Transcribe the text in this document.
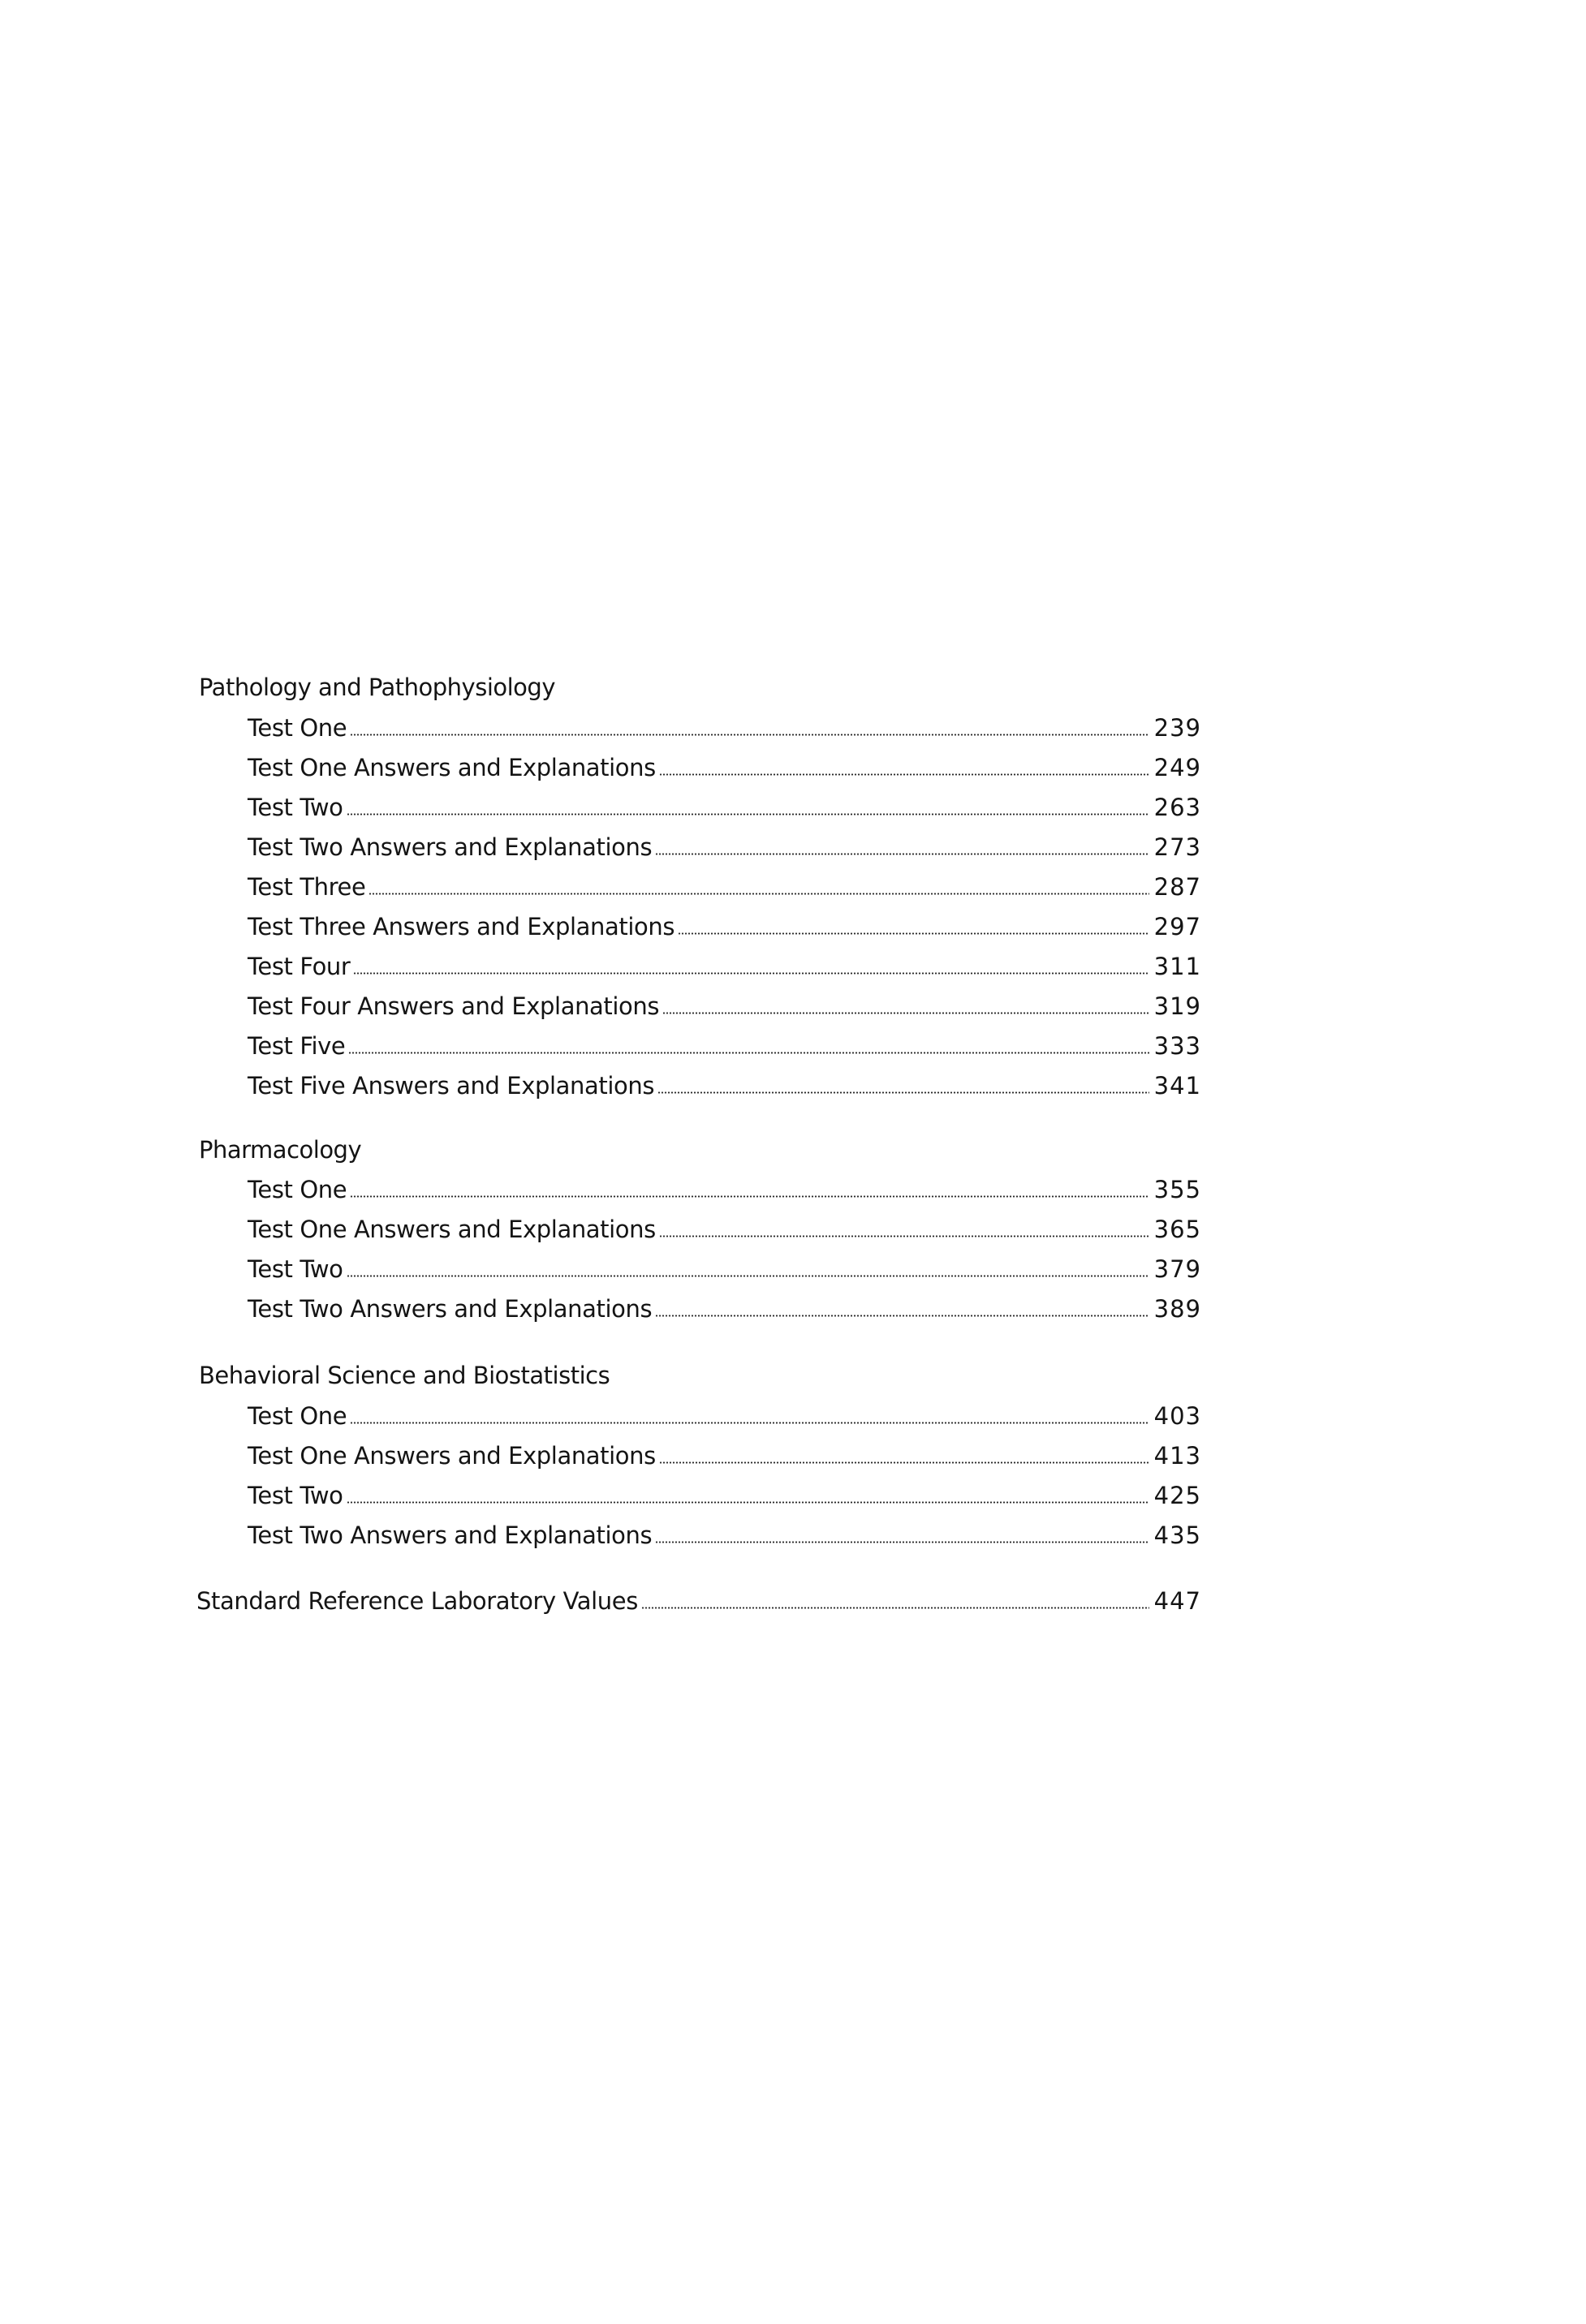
Pathology and Pathophysiology
Test One	239
Test One Answers and Explanations	249
Test Two	263
Test Two Answers and Explanations	273
Test Three	287
Test Three Answers and Explanations	297
Test Four	311
Test Four Answers and Explanations	319
Test Five	333
Test Five Answers and Explanations	341
Pharmacology
Test One	355
Test One Answers and Explanations	365
Test Two	379
Test Two Answers and Explanations	389
Behavioral Science and Biostatistics
Test One	403
Test One Answers and Explanations	413
Test Two	425
Test Two Answers and Explanations	435
Standard Reference Laboratory Values	447
